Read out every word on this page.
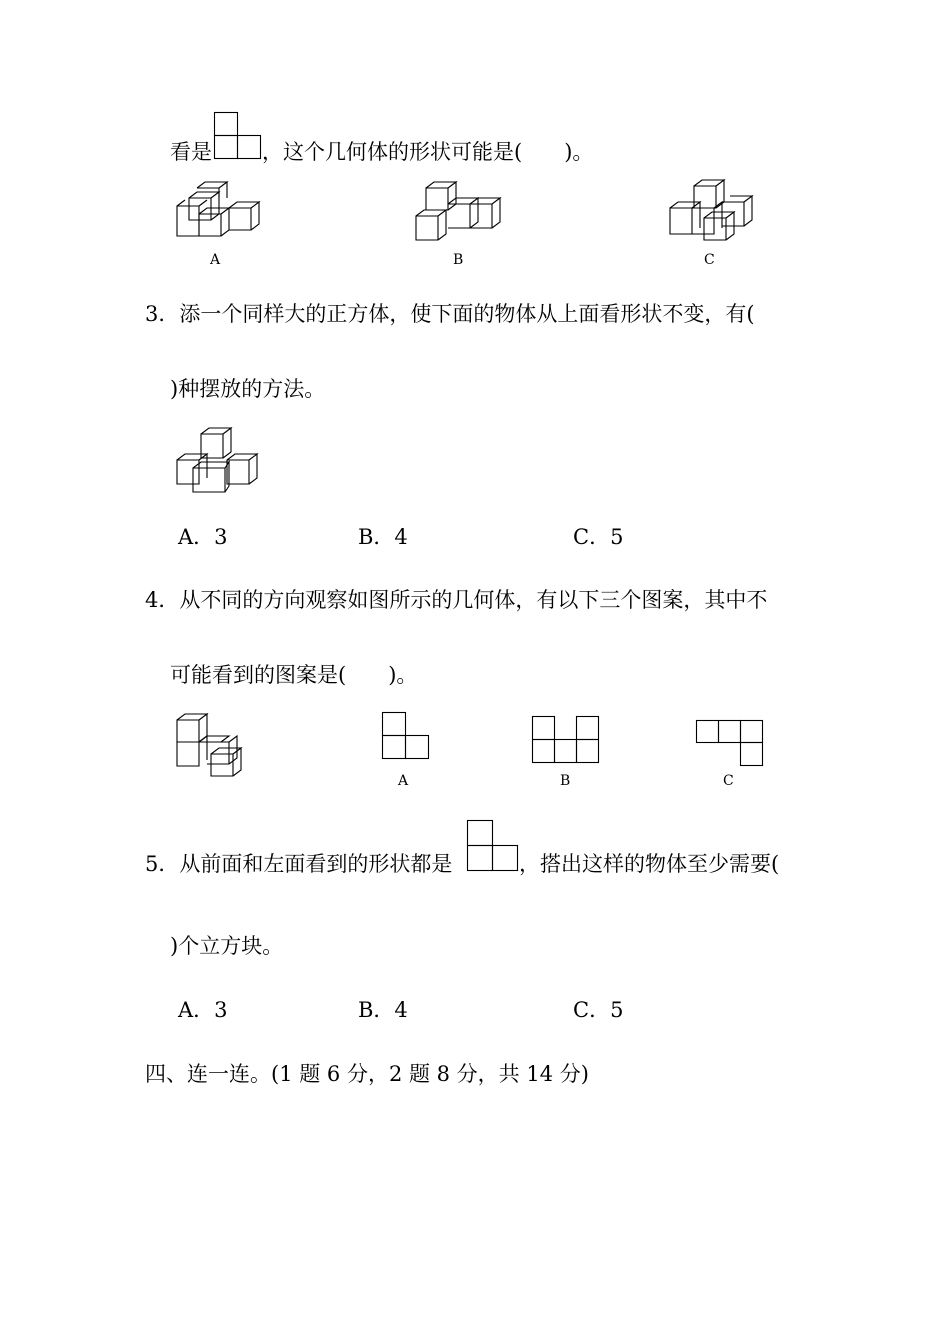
看是 ，这个几何体的形状可能是(　　)。
A	B	C
3．添一个同样大的正方体，使下面的物体从上面看形状不变，有(
)种摆放的方法。
A．3	B．4	C．5
4．从不同的方向观察如图所示的几何体，有以下三个图案，其中不
可能看到的图案是(　　)。
A	B	C
5．从前面和左面看到的形状都是	，搭出这样的物体至少需要(
)个立方块。
A．3	B．4	C．5
四、连一连。(1 题 6 分，2 题 8 分，共 14 分)
